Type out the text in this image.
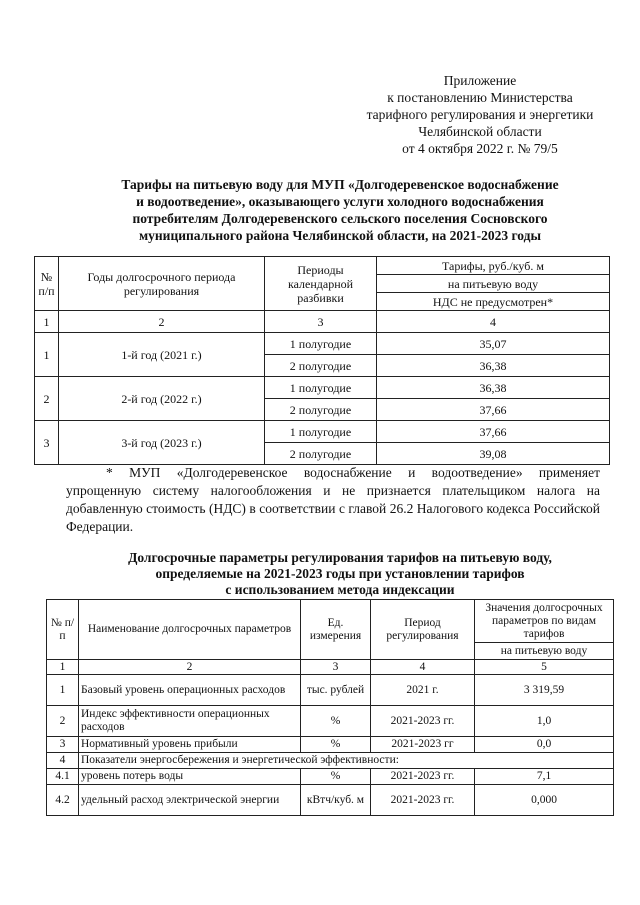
Приложение
к постановлению Министерства
тарифного регулирования и энергетики
Челябинской области
от 4 октября 2022 г. № 79/5
Тарифы на питьевую воду для МУП «Долгодеревенское водоснабжение
и водоотведение», оказывающего услуги холодного водоснабжения
потребителям Долгодеревенского сельского поселения Сосновского
муниципального района Челябинской области, на 2021-2023 годы
№ п/п	Годы долгосрочного периода регулирования	Периоды календарной разбивки	Тарифы, руб./куб. м
			на питьевую воду
			НДС не предусмотрен*
1	2	3	4
1	1-й год (2021 г.)	1 полугодие	35,07
		2 полугодие	36,38
2	2-й год (2022 г.)	1 полугодие	36,38
		2 полугодие	37,66
3	3-й год (2023 г.)	1 полугодие	37,66
		2 полугодие	39,08
* МУП «Долгодеревенское водоснабжение и водоотведение» применяет упрощенную систему налогообложения и не признается плательщиком налога на добавленную стоимость (НДС) в соответствии с главой 26.2 Налогового кодекса Российской Федерации.
Долгосрочные параметры регулирования тарифов на питьевую воду,
определяемые на 2021-2023 годы при установлении тарифов
с использованием метода индексации
№ п/п	Наименование долгосрочных параметров	Ед. измерения	Период регулирования	Значения долгосрочных параметров по видам тарифов
				на питьевую воду
1	2	3	4	5
1	Базовый уровень операционных расходов	тыс. рублей	2021 г.	3 319,59
2	Индекс эффективности операционных расходов	%	2021-2023 гг.	1,0
3	Нормативный уровень прибыли	%	2021-2023 гг	0,0
4	Показатели энергосбережения и энергетической эффективности:			
4.1	уровень потерь воды	%	2021-2023 гг.	7,1
4.2	удельный расход электрической энергии	кВтч/куб. м	2021-2023 гг.	0,000
